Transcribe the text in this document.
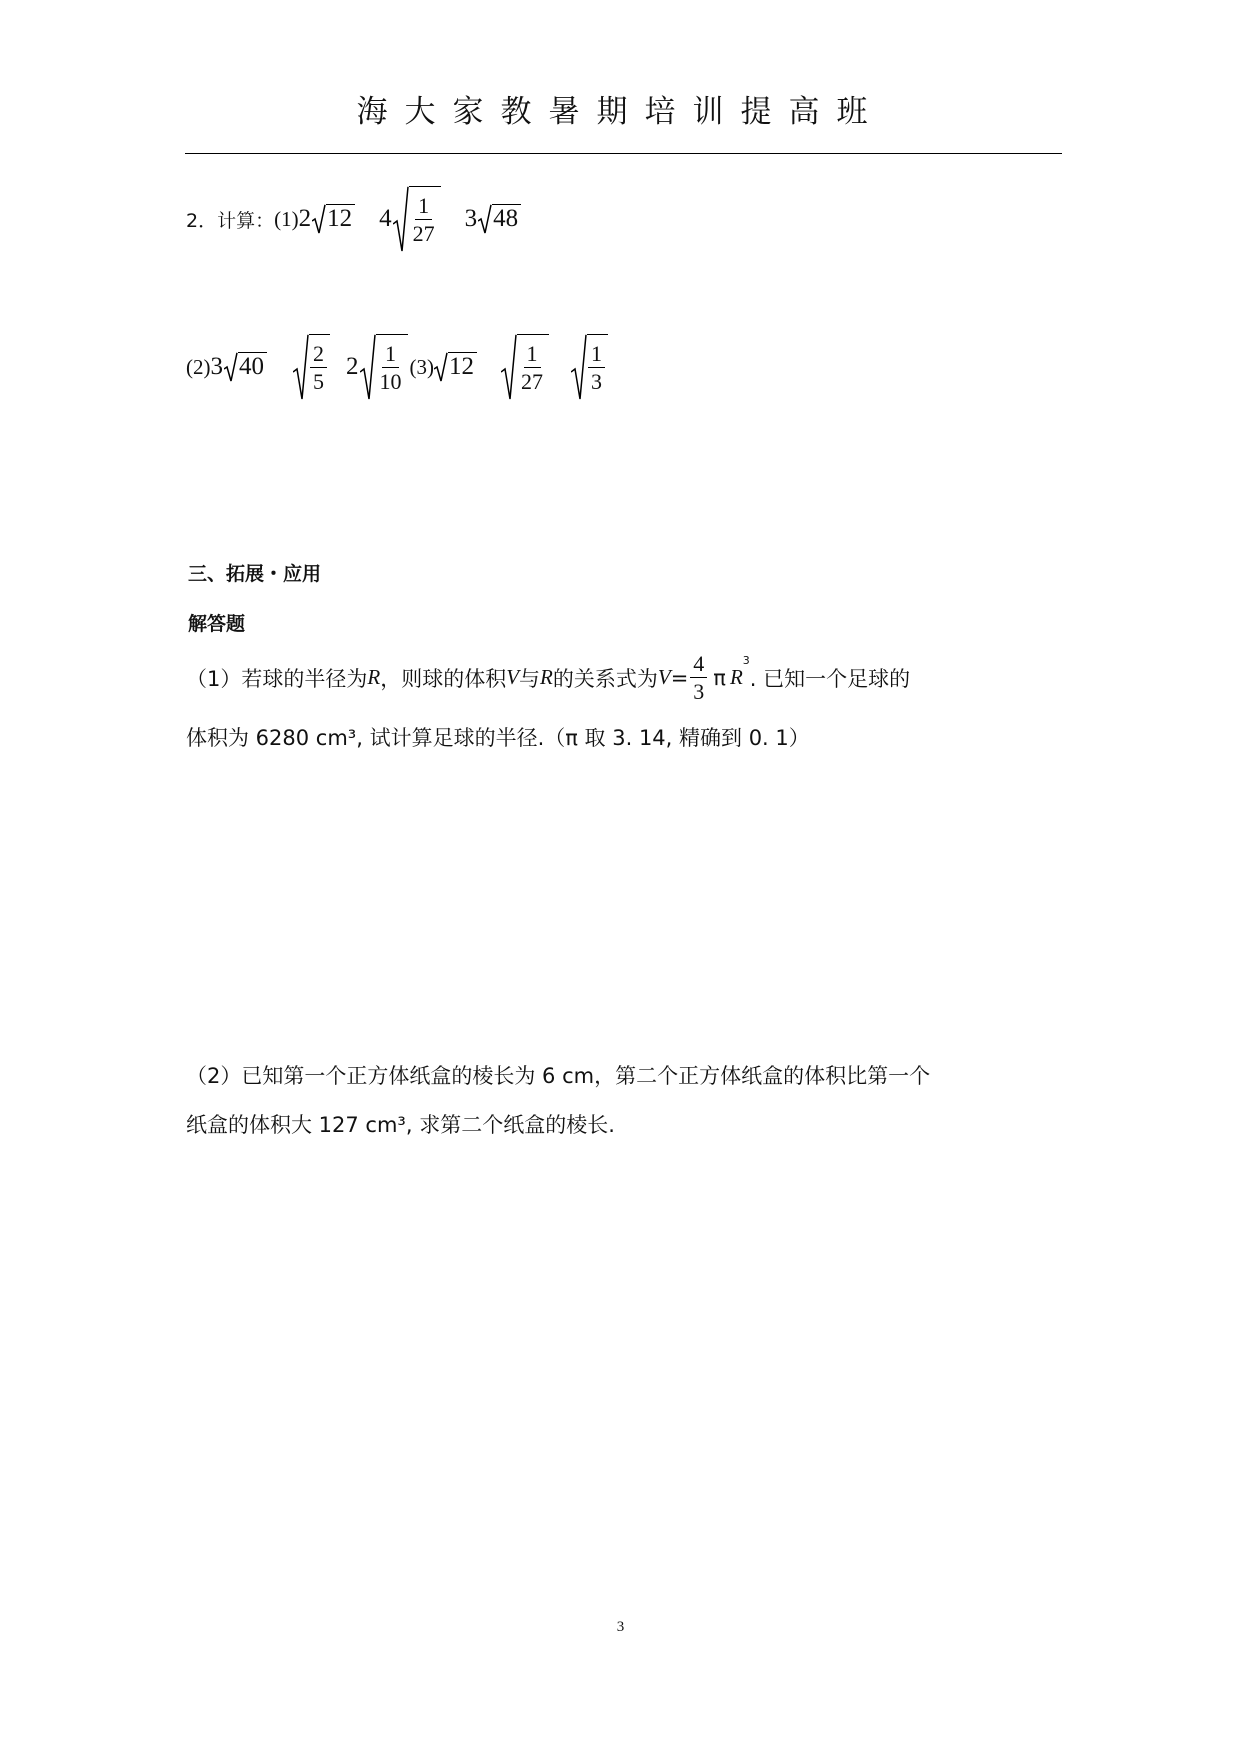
海大家教暑期培训提高班
2．计算： (1) 2 12 $4 \frac{1}{27} 3$ 48
(2) 3 $40 \frac{2}{5} 2 \frac{1}{10} (3)$ $12 \frac{1}{27} \frac{1}{3}$
三、拓展・应用
解答题
（1）若球的半径为 R ，则球的体积 V 与 R 的关系式为 $V = \frac{4}{3}$ π R
$^3$
. 已知一个足球的
体积为 6280 cm³, 试计算足球的半径.（π 取 3. 14, 精确到 0. 1）
（2）已知第一个正方体纸盒的棱长为 6 cm，第二个正方体纸盒的体积比第一个
纸盒的体积大 127 cm³, 求第二个纸盒的棱长.
3
